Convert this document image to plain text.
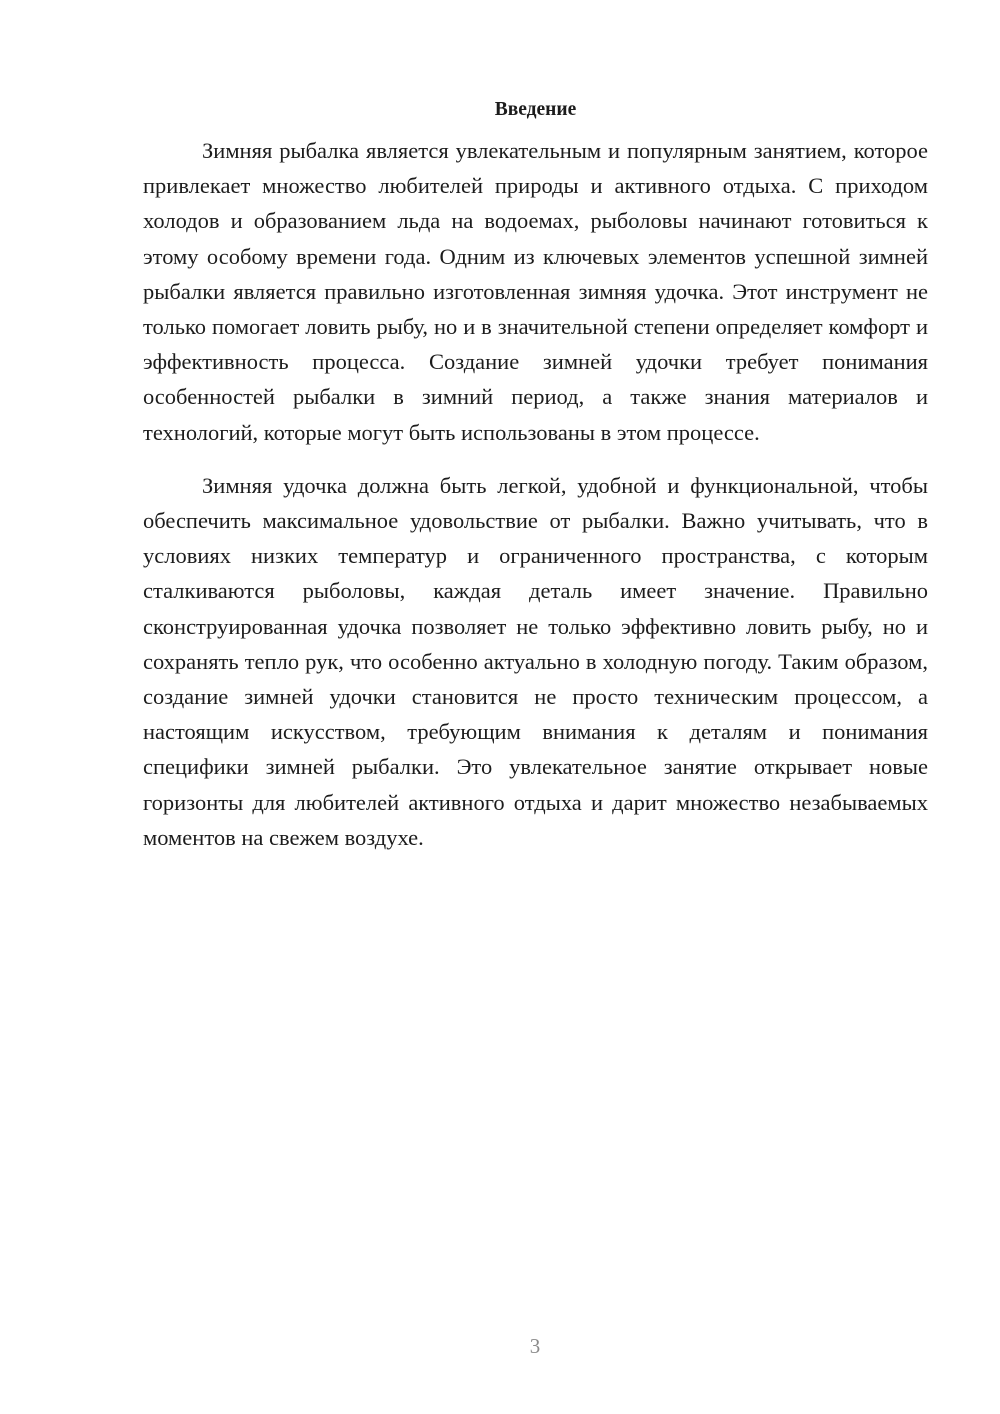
Введение

Зимняя рыбалка является увлекательным и популярным занятием, которое привлекает множество любителей природы и активного отдыха. С приходом холодов и образованием льда на водоемах, рыболовы начинают готовиться к этому особому времени года. Одним из ключевых элементов успешной зимней рыбалки является правильно изготовленная зимняя удочка. Этот инструмент не только помогает ловить рыбу, но и в значительной степени определяет комфорт и эффективность процесса. Создание зимней удочки требует понимания особенностей рыбалки в зимний период, а также знания материалов и технологий, которые могут быть использованы в этом процессе.

Зимняя удочка должна быть легкой, удобной и функциональной, чтобы обеспечить максимальное удовольствие от рыбалки. Важно учитывать, что в условиях низких температур и ограниченного пространства, с которым сталкиваются рыболовы, каждая деталь имеет значение. Правильно сконструированная удочка позволяет не только эффективно ловить рыбу, но и сохранять тепло рук, что особенно актуально в холодную погоду. Таким образом, создание зимней удочки становится не просто техническим процессом, а настоящим искусством, требующим внимания к деталям и понимания специфики зимней рыбалки. Это увлекательное занятие открывает новые горизонты для любителей активного отдыха и дарит множество незабываемых моментов на свежем воздухе.

3
